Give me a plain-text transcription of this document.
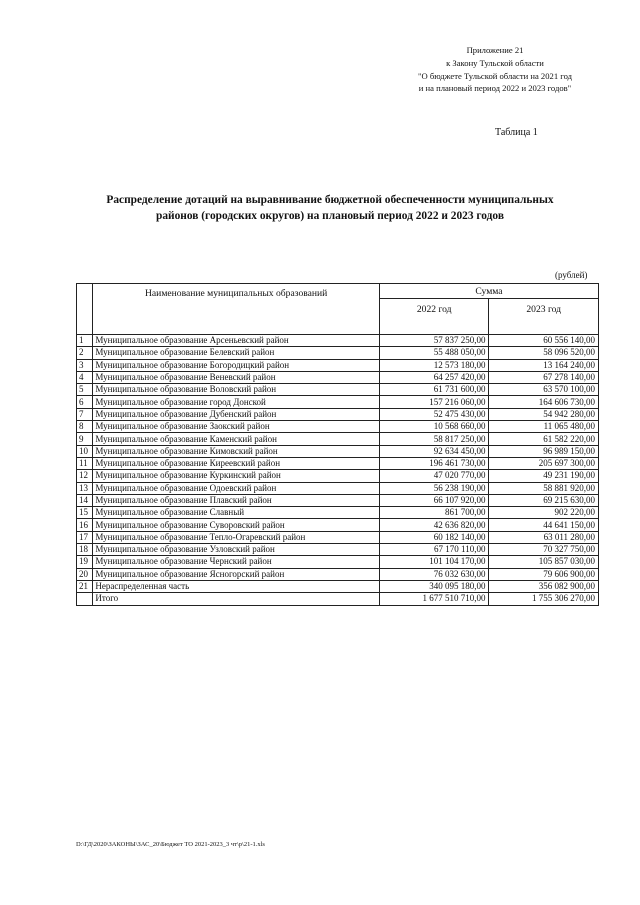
Приложение 21
к Закону Тульской области
"О бюджете Тульской области на 2021 год
и на плановый период 2022 и 2023 годов"
Таблица 1
Распределение дотаций на выравнивание бюджетной обеспеченности муниципальных
районов (городских округов) на плановый период 2022 и 2023 годов
(рублей)
	Наименование муниципальных образований	Сумма	
		2022 год	2023 год
1	Муниципальное образование Арсеньевский район	57 837 250,00	60 556 140,00
2	Муниципальное образование Белевский район	55 488 050,00	58 096 520,00
3	Муниципальное образование Богородицкий район	12 573 180,00	13 164 240,00
4	Муниципальное образование Веневский район	64 257 420,00	67 278 140,00
5	Муниципальное образование Воловский район	61 731 600,00	63 570 100,00
6	Муниципальное образование город Донской	157 216 060,00	164 606 730,00
7	Муниципальное образование Дубенский район	52 475 430,00	54 942 280,00
8	Муниципальное образование Заокский район	10 568 660,00	11 065 480,00
9	Муниципальное образование Каменский район	58 817 250,00	61 582 220,00
10	Муниципальное образование Кимовский район	92 634 450,00	96 989 150,00
11	Муниципальное образование Киреевский район	196 461 730,00	205 697 300,00
12	Муниципальное образование Куркинский район	47 020 770,00	49 231 190,00
13	Муниципальное образование Одоевский район	56 238 190,00	58 881 920,00
14	Муниципальное образование Плавский район	66 107 920,00	69 215 630,00
15	Муниципальное образование Славный	861 700,00	902 220,00
16	Муниципальное образование Суворовский район	42 636 820,00	44 641 150,00
17	Муниципальное образование Тепло-Огаревский район	60 182 140,00	63 011 280,00
18	Муниципальное образование Узловский район	67 170 110,00	70 327 750,00
19	Муниципальное образование Чернский район	101 104 170,00	105 857 030,00
20	Муниципальное образование Ясногорский район	76 032 630,00	79 606 900,00
21	Нераспределенная часть	340 095 180,00	356 082 900,00
	Итого	1 677 510 710,00	1 755 306 270,00
D:\ГД\2020\ЗАКОНЫ\ЗАС_20\Бюджет ТО 2021-2023_3 чт\р\21-1.xls
